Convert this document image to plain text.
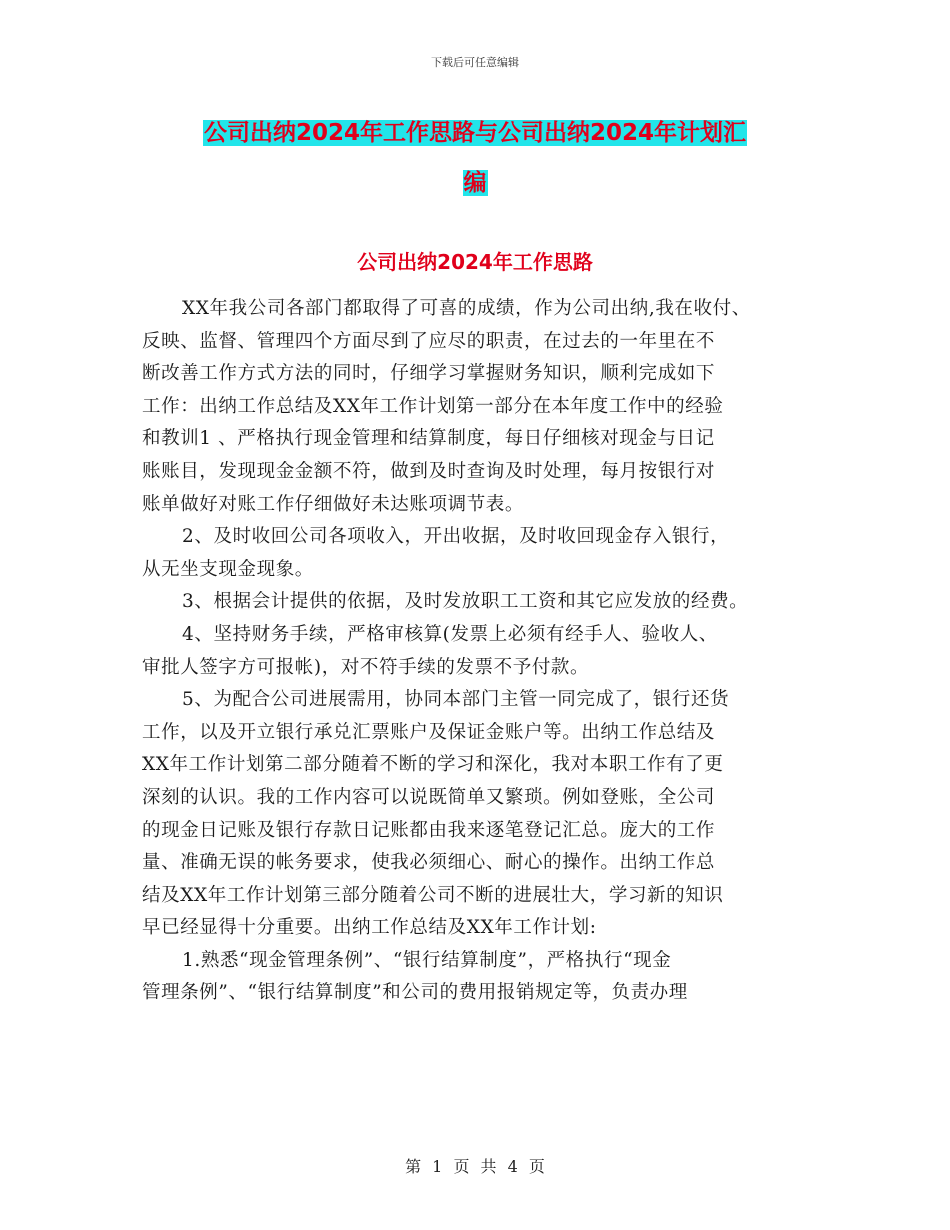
下载后可任意编辑
公司出纳2024年工作思路与公司出纳2024年计划汇
编
公司出纳2024年工作思路
XX年我公司各部门都取得了可喜的成绩，作为公司出纳,我在收付、
反映、监督、管理四个方面尽到了应尽的职责，在过去的一年里在不
断改善工作方式方法的同时，仔细学习掌握财务知识，顺利完成如下
工作：出纳工作总结及XX年工作计划第一部分在本年度工作中的经验
和教训1 、严格执行现金管理和结算制度，每日仔细核对现金与日记
账账目，发现现金金额不符，做到及时查询及时处理，每月按银行对
账单做好对账工作仔细做好未达账项调节表。
2、及时收回公司各项收入，开出收据，及时收回现金存入银行，
从无坐支现金现象。
3、根据会计提供的依据，及时发放职工工资和其它应发放的经费。
4、坚持财务手续，严格审核算(发票上必须有经手人、验收人、
审批人签字方可报帐)，对不符手续的发票不予付款。
5、为配合公司进展需用，协同本部门主管一同完成了，银行还货
工作，以及开立银行承兑汇票账户及保证金账户等。出纳工作总结及
XX年工作计划第二部分随着不断的学习和深化，我对本职工作有了更
深刻的认识。我的工作内容可以说既简单又繁琐。例如登账，全公司
的现金日记账及银行存款日记账都由我来逐笔登记汇总。庞大的工作
量、准确无误的帐务要求，使我必须细心、耐心的操作。出纳工作总
结及XX年工作计划第三部分随着公司不断的进展壮大，学习新的知识
早已经显得十分重要。出纳工作总结及XX年工作计划:
1.熟悉“现金管理条例”、“银行结算制度”，严格执行“现金
管理条例”、“银行结算制度”和公司的费用报销规定等，负责办理
第 1 页 共 4 页
